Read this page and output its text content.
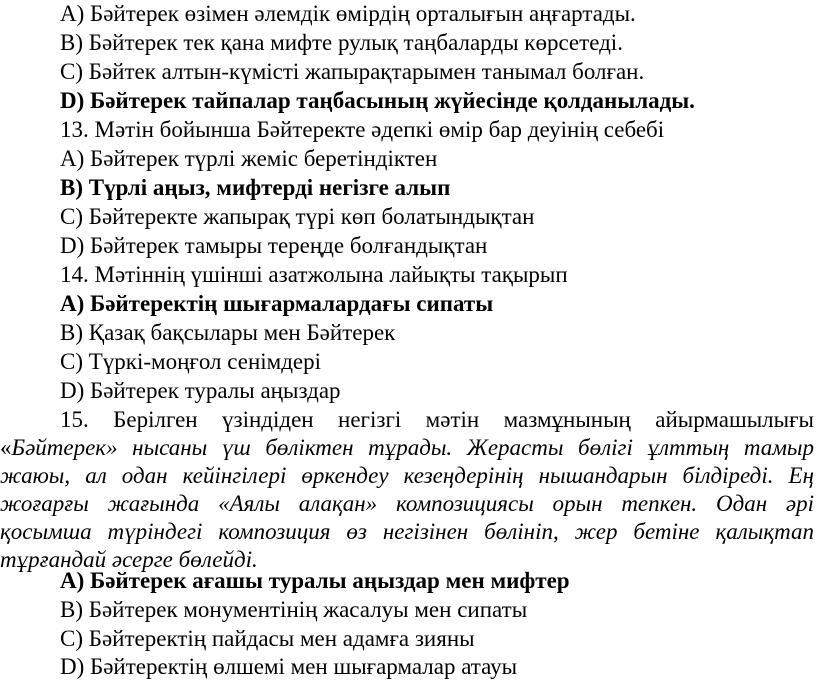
A) Бәйтерек өзімен әлемдік өмірдің орталығын аңғартады.
B) Бәйтерек тек қана мифте рулық таңбаларды көрсетеді.
C) Бәйтек алтын-күмісті жапырақтарымен танымал болған.
D) Бәйтерек тайпалар таңбасының жүйесінде қолданылады.
13. Мәтін бойынша Бәйтеректе әдепкі өмір бар деуінің себебі
A) Бәйтерек түрлі жеміс беретіндіктен
B) Түрлі аңыз, мифтерді негізге алып
C) Бәйтеректе жапырақ түрі көп болатындықтан
D) Бәйтерек тамыры тереңде болғандықтан
14. Мәтіннің үшінші азатжолына лайықты тақырып
A) Бәйтеректің шығармалардағы сипаты
B) Қазақ бақсылары мен Бәйтерек
C) Түркі-моңғол сенімдері
D) Бәйтерек туралы аңыздар
15. Берілген үзіндіден негізгі мәтін мазмұнының айырмашылығы
«Бәйтерек» нысаны үш бөліктен тұрады. Жерасты бөлігі ұлттың тамыр
жаюы, ал одан кейінгілері өркендеу кезеңдерінің нышандарын білдіреді. Ең
жоғарғы жағында «Аялы алақан» композициясы орын тепкен. Одан әрі
қосымша түріндегі композиция өз негізінен бөлініп, жер бетіне қалықтап
тұрғандай әсерге бөлейді.
A) Бәйтерек ағашы туралы аңыздар мен мифтер
B) Бәйтерек монументінің жасалуы мен сипаты
C) Бәйтеректің пайдасы мен адамға зияны
D) Бәйтеректің өлшемі мен шығармалар атауы
